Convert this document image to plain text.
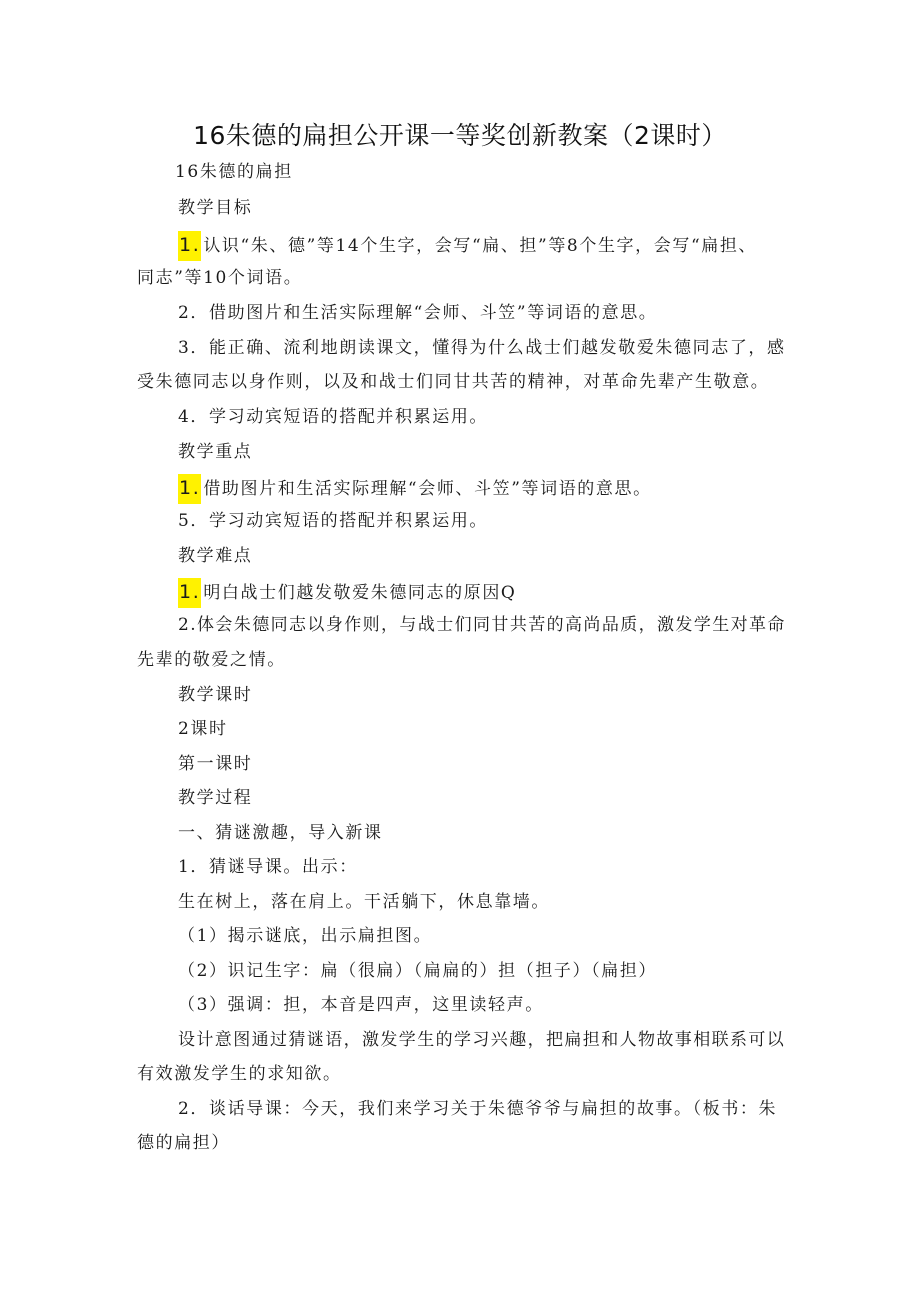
16朱德的扁担公开课一等奖创新教案（2课时）
16朱德的扁担
教学目标
1. 认识“朱、德”等14个生字，会写“扁、担”等8个生字，会写“扁担、
同志”等10个词语。
2．借助图片和生活实际理解“会师、斗笠”等词语的意思。
3．能正确、流利地朗读课文，懂得为什么战士们越发敬爱朱德同志了，感
受朱德同志以身作则，以及和战士们同甘共苦的精神，对革命先辈产生敬意。
4．学习动宾短语的搭配并积累运用。
教学重点
1. 借助图片和生活实际理解“会师、斗笠”等词语的意思。
5．学习动宾短语的搭配并积累运用。
教学难点
1. 明白战士们越发敬爱朱德同志的原因Q
2.体会朱德同志以身作则，与战士们同甘共苦的高尚品质，激发学生对革命
先辈的敬爱之情。
教学课时
2课时
第一课时
教学过程
一、猜谜激趣，导入新课
1．猜谜导课。出示：
生在树上，落在肩上。干活躺下，休息靠墙。
（1）揭示谜底，出示扁担图。
（2）识记生字：扁（很扁）（扁扁的）担（担子）（扁担）
（3）强调：担，本音是四声，这里读轻声。
设计意图通过猜谜语，激发学生的学习兴趣，把扁担和人物故事相联系可以
有效激发学生的求知欲。
2．谈话导课：今天，我们来学习关于朱德爷爷与扁担的故事。（板书：朱
德的扁担）
